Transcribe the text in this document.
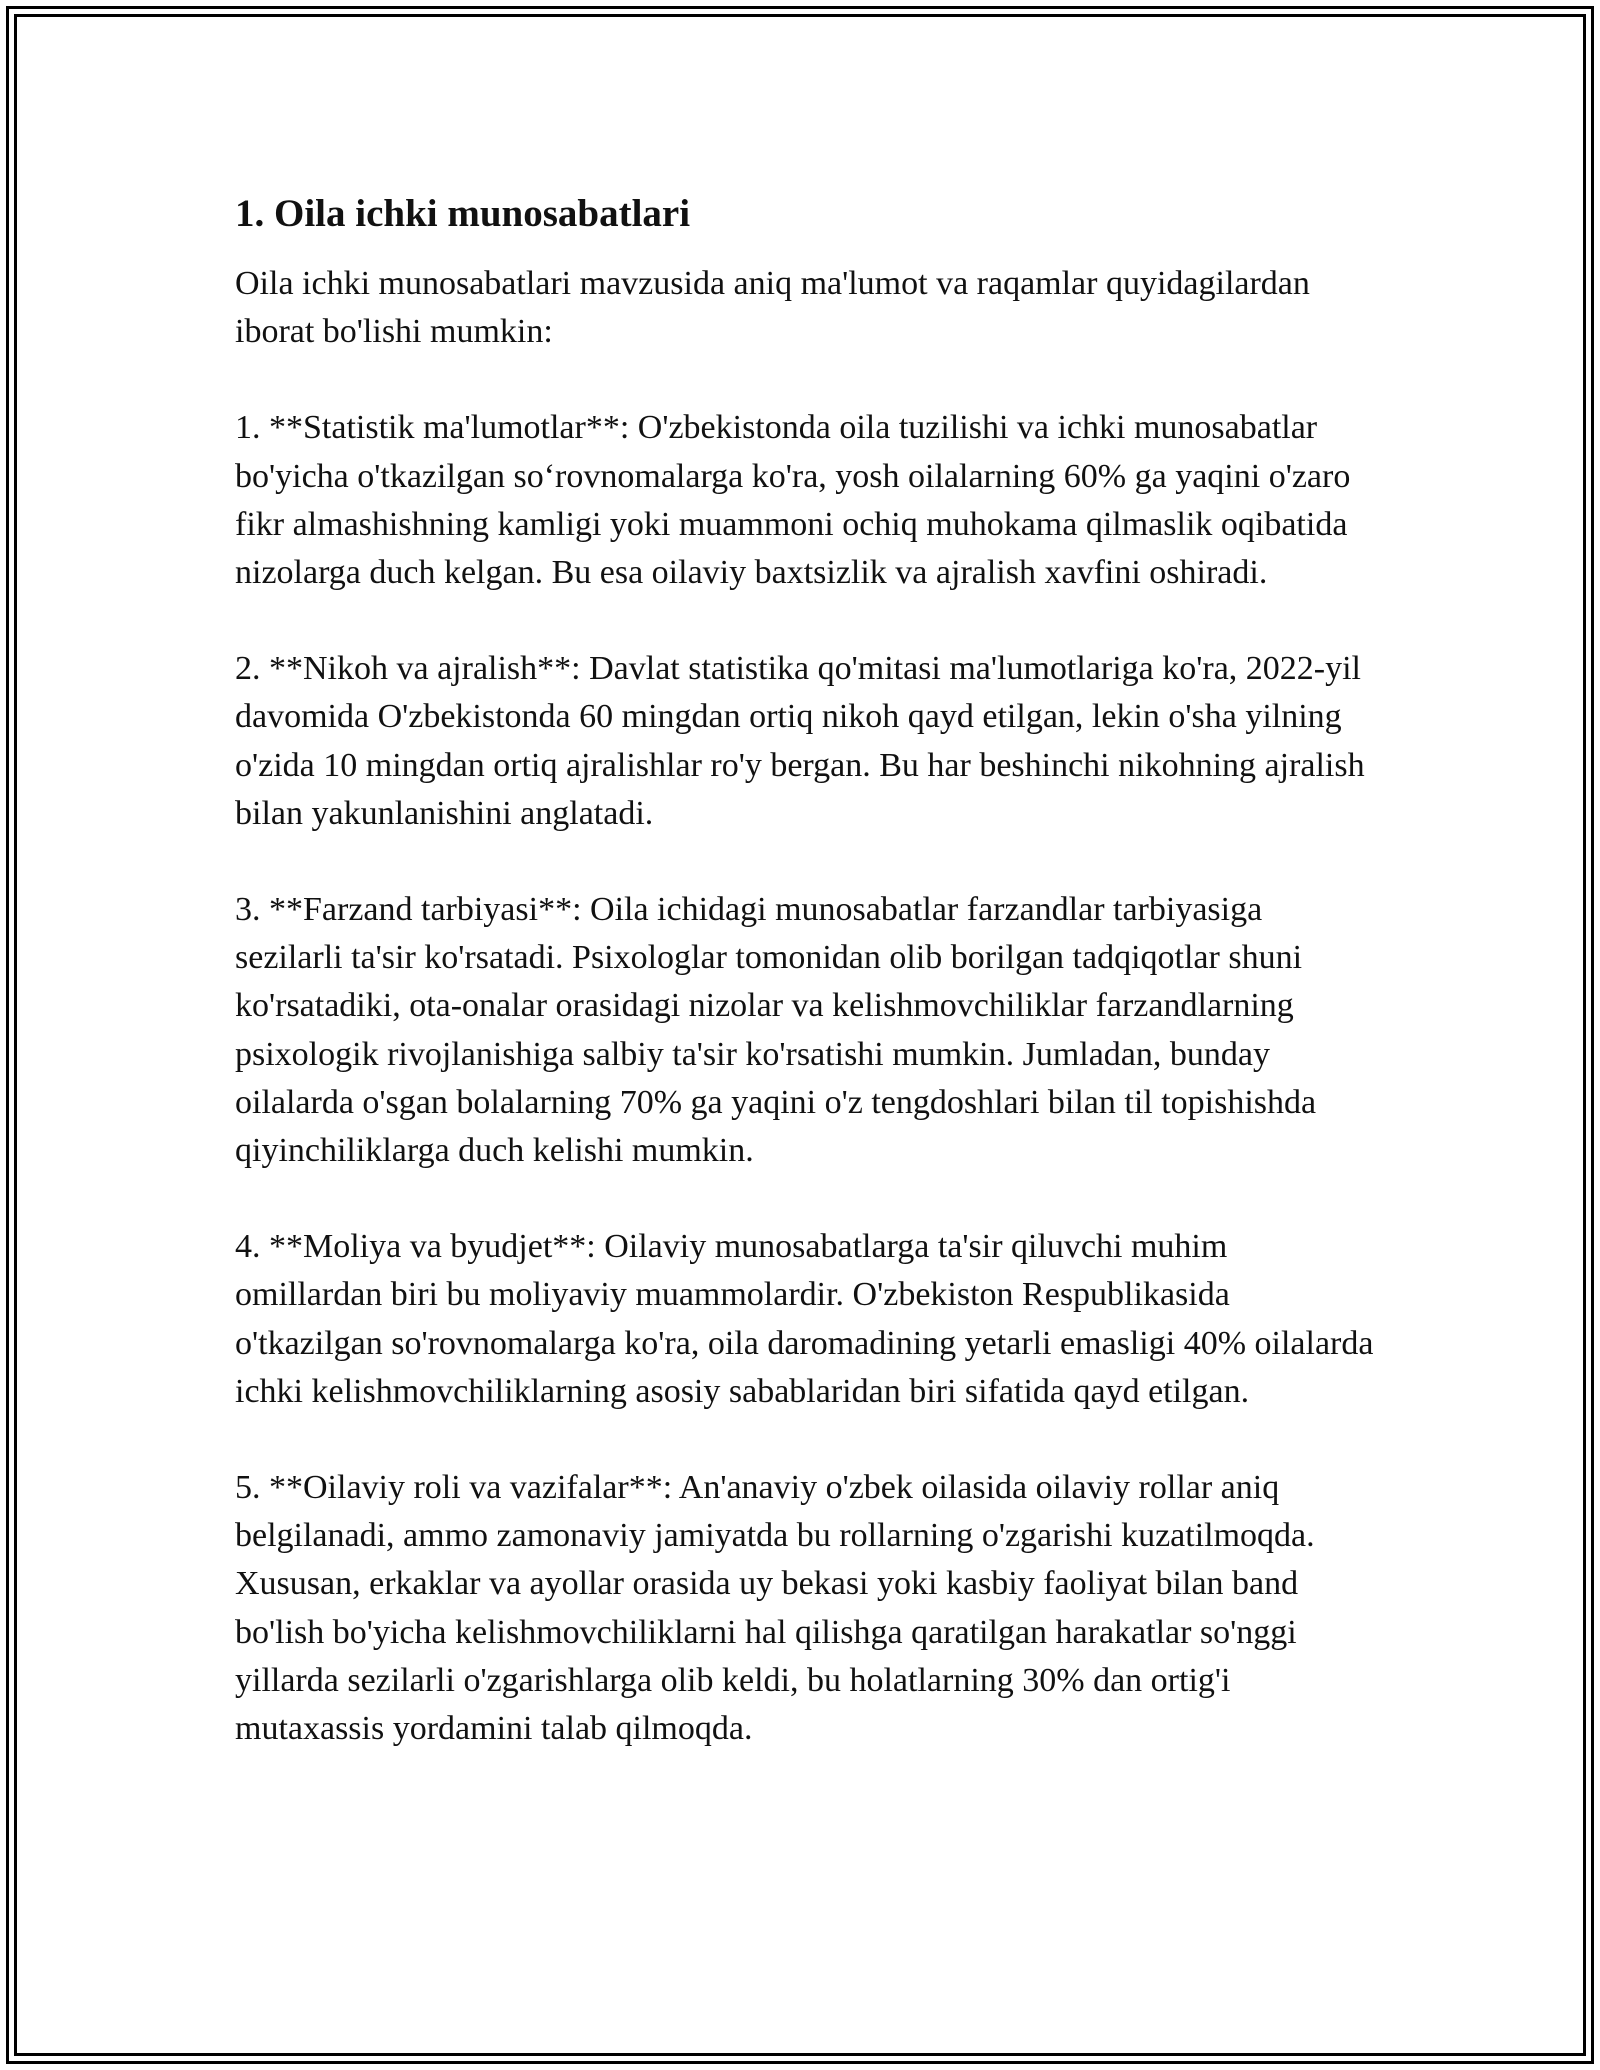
1. Oila ichki munosabatlari

Oila ichki munosabatlari mavzusida aniq ma'lumot va raqamlar quyidagilardan iborat bo'lishi mumkin:

1. **Statistik ma'lumotlar**: O'zbekistonda oila tuzilishi va ichki munosabatlar bo'yicha o'tkazilgan so‘rovnomalarga ko'ra, yosh oilalarning 60% ga yaqini o'zaro fikr almashishning kamligi yoki muammoni ochiq muhokama qilmaslik oqibatida nizolarga duch kelgan. Bu esa oilaviy baxtsizlik va ajralish xavfini oshiradi.

2. **Nikoh va ajralish**: Davlat statistika qo'mitasi ma'lumotlariga ko'ra, 2022-yil davomida O'zbekistonda 60 mingdan ortiq nikoh qayd etilgan, lekin o'sha yilning o'zida 10 mingdan ortiq ajralishlar ro'y bergan. Bu har beshinchi nikohning ajralish bilan yakunlanishini anglatadi.

3. **Farzand tarbiyasi**: Oila ichidagi munosabatlar farzandlar tarbiyasiga sezilarli ta'sir ko'rsatadi. Psixologlar tomonidan olib borilgan tadqiqotlar shuni ko'rsatadiki, ota-onalar orasidagi nizolar va kelishmovchiliklar farzandlarning psixologik rivojlanishiga salbiy ta'sir ko'rsatishi mumkin. Jumladan, bunday oilalarda o'sgan bolalarning 70% ga yaqini o'z tengdoshlari bilan til topishishda qiyinchiliklarga duch kelishi mumkin.

4. **Moliya va byudjet**: Oilaviy munosabatlarga ta'sir qiluvchi muhim omillardan biri bu moliyaviy muammolardir. O'zbekiston Respublikasida o'tkazilgan so'rovnomalarga ko'ra, oila daromadining yetarli emasligi 40% oilalarda ichki kelishmovchiliklarning asosiy sabablaridan biri sifatida qayd etilgan.

5. **Oilaviy roli va vazifalar**: An'anaviy o'zbek oilasida oilaviy rollar aniq belgilanadi, ammo zamonaviy jamiyatda bu rollarning o'zgarishi kuzatilmoqda. Xususan, erkaklar va ayollar orasida uy bekasi yoki kasbiy faoliyat bilan band bo'lish bo'yicha kelishmovchiliklarni hal qilishga qaratilgan harakatlar so'nggi yillarda sezilarli o'zgarishlarga olib keldi, bu holatlarning 30% dan ortig'i mutaxassis yordamini talab qilmoqda.
